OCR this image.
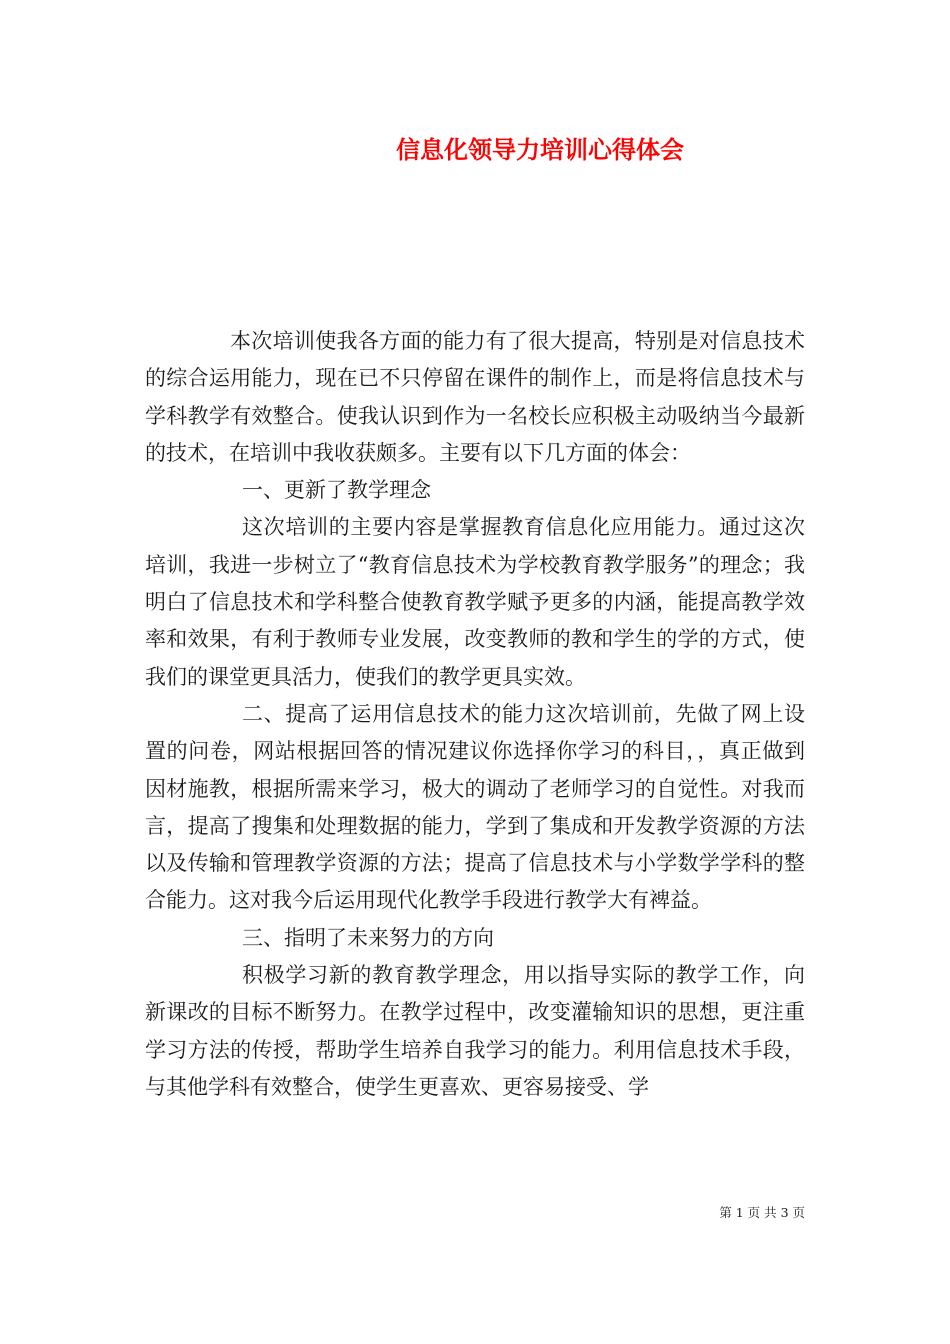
信息化领导力培训心得体会

本次培训使我各方面的能力有了很大提高，特别是对信息技术的综合运用能力，现在已不只停留在课件的制作上，而是将信息技术与学科教学有效整合。使我认识到作为一名校长应积极主动吸纳当今最新的技术，在培训中我收获颇多。主要有以下几方面的体会：

一、更新了教学理念

这次培训的主要内容是掌握教育信息化应用能力。通过这次培训，我进一步树立了“教育信息技术为学校教育教学服务”的理念；我明白了信息技术和学科整合使教育教学赋予更多的内涵，能提高教学效率和效果，有利于教师专业发展，改变教师的教和学生的学的方式，使我们的课堂更具活力，使我们的教学更具实效。

二、提高了运用信息技术的能力这次培训前，先做了网上设置的问卷，网站根据回答的情况建议你选择你学习的科目，，真正做到因材施教，根据所需来学习，极大的调动了老师学习的自觉性。对我而言，提高了搜集和处理数据的能力，学到了集成和开发教学资源的方法以及传输和管理教学资源的方法；提高了信息技术与小学数学学科的整合能力。这对我今后运用现代化教学手段进行教学大有裨益。

三、指明了未来努力的方向

积极学习新的教育教学理念，用以指导实际的教学工作，向新课改的目标不断努力。在教学过程中，改变灌输知识的思想，更注重学习方法的传授，帮助学生培养自我学习的能力。利用信息技术手段，与其他学科有效整合，使学生更喜欢、更容易接受、学

第 1 页 共 3 页
